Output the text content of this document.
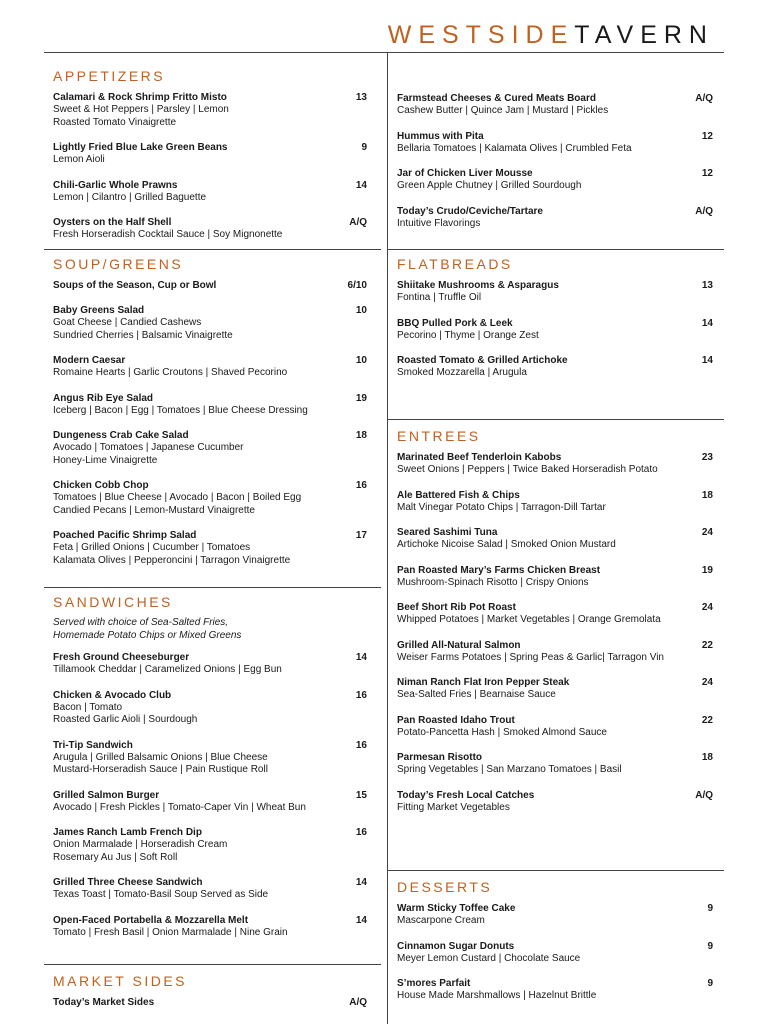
WESTSIDETAVERN
APPETIZERS
Calamari & Rock Shrimp Fritto Misto	13
Sweet & Hot Peppers | Parsley | Lemon
Roasted Tomato Vinaigrette
Lightly Fried Blue Lake Green Beans	9
Lemon Aioli
Chili-Garlic Whole Prawns	14
Lemon | Cilantro | Grilled Baguette
Oysters on the Half Shell	A/Q
Fresh Horseradish Cocktail Sauce | Soy Mignonette
Farmstead Cheeses & Cured Meats Board	A/Q
Cashew Butter | Quince Jam | Mustard | Pickles
Hummus with Pita	12
Bellaria Tomatoes | Kalamata Olives | Crumbled Feta
Jar of Chicken Liver Mousse	12
Green Apple Chutney | Grilled Sourdough
Today’s Crudo/Ceviche/Tartare	A/Q
Intuitive Flavorings
SOUP/GREENS
Soups of the Season, Cup or Bowl	6/10
Baby Greens Salad	10
Goat Cheese | Candied Cashews
Sundried Cherries | Balsamic Vinaigrette
Modern Caesar	10
Romaine Hearts | Garlic Croutons | Shaved Pecorino
Angus Rib Eye Salad	19
Iceberg | Bacon | Egg | Tomatoes | Blue Cheese Dressing
Dungeness Crab Cake Salad	18
Avocado | Tomatoes | Japanese Cucumber
Honey-Lime Vinaigrette
Chicken Cobb Chop	16
Tomatoes | Blue Cheese | Avocado | Bacon | Boiled Egg
Candied Pecans | Lemon-Mustard Vinaigrette
Poached Pacific Shrimp Salad	17
Feta | Grilled Onions | Cucumber | Tomatoes
Kalamata Olives | Pepperoncini | Tarragon Vinaigrette
SANDWICHES
Served with choice of Sea-Salted Fries,
Homemade Potato Chips or Mixed Greens
Fresh Ground Cheeseburger	14
Tillamook Cheddar | Caramelized Onions | Egg Bun
Chicken & Avocado Club	16
Bacon | Tomato
Roasted Garlic Aioli | Sourdough
Tri-Tip Sandwich	16
Arugula | Grilled Balsamic Onions | Blue Cheese
Mustard-Horseradish Sauce | Pain Rustique Roll
Grilled Salmon Burger	15
Avocado | Fresh Pickles | Tomato-Caper Vin | Wheat Bun
James Ranch Lamb French Dip	16
Onion Marmalade | Horseradish Cream
Rosemary Au Jus | Soft Roll
Grilled Three Cheese Sandwich	14
Texas Toast | Tomato-Basil Soup Served as Side
Open-Faced Portabella & Mozzarella Melt	14
Tomato | Fresh Basil | Onion Marmalade | Nine Grain
MARKET SIDES
Today’s Market Sides	A/Q
FLATBREADS
Shiitake Mushrooms & Asparagus	13
Fontina | Truffle Oil
BBQ Pulled Pork & Leek	14
Pecorino | Thyme | Orange Zest
Roasted Tomato & Grilled Artichoke	14
Smoked Mozzarella | Arugula
ENTREES
Marinated Beef Tenderloin Kabobs	23
Sweet Onions | Peppers | Twice Baked Horseradish Potato
Ale Battered Fish & Chips	18
Malt Vinegar Potato Chips | Tarragon-Dill Tartar
Seared Sashimi Tuna	24
Artichoke Nicoise Salad | Smoked Onion Mustard
Pan Roasted Mary’s Farms Chicken Breast	19
Mushroom-Spinach Risotto | Crispy Onions
Beef Short Rib Pot Roast	24
Whipped Potatoes | Market Vegetables | Orange Gremolata
Grilled All-Natural Salmon	22
Weiser Farms Potatoes | Spring Peas & Garlic| Tarragon Vin
Niman Ranch Flat Iron Pepper Steak	24
Sea-Salted Fries | Bearnaise Sauce
Pan Roasted Idaho Trout	22
Potato-Pancetta Hash | Smoked Almond Sauce
Parmesan Risotto	18
Spring Vegetables | San Marzano Tomatoes | Basil
Today’s Fresh Local Catches	A/Q
Fitting Market Vegetables
DESSERTS
Warm Sticky Toffee Cake	9
Mascarpone Cream
Cinnamon Sugar Donuts	9
Meyer Lemon Custard | Chocolate Sauce
S’mores Parfait	9
House Made Marshmallows | Hazelnut Brittle
